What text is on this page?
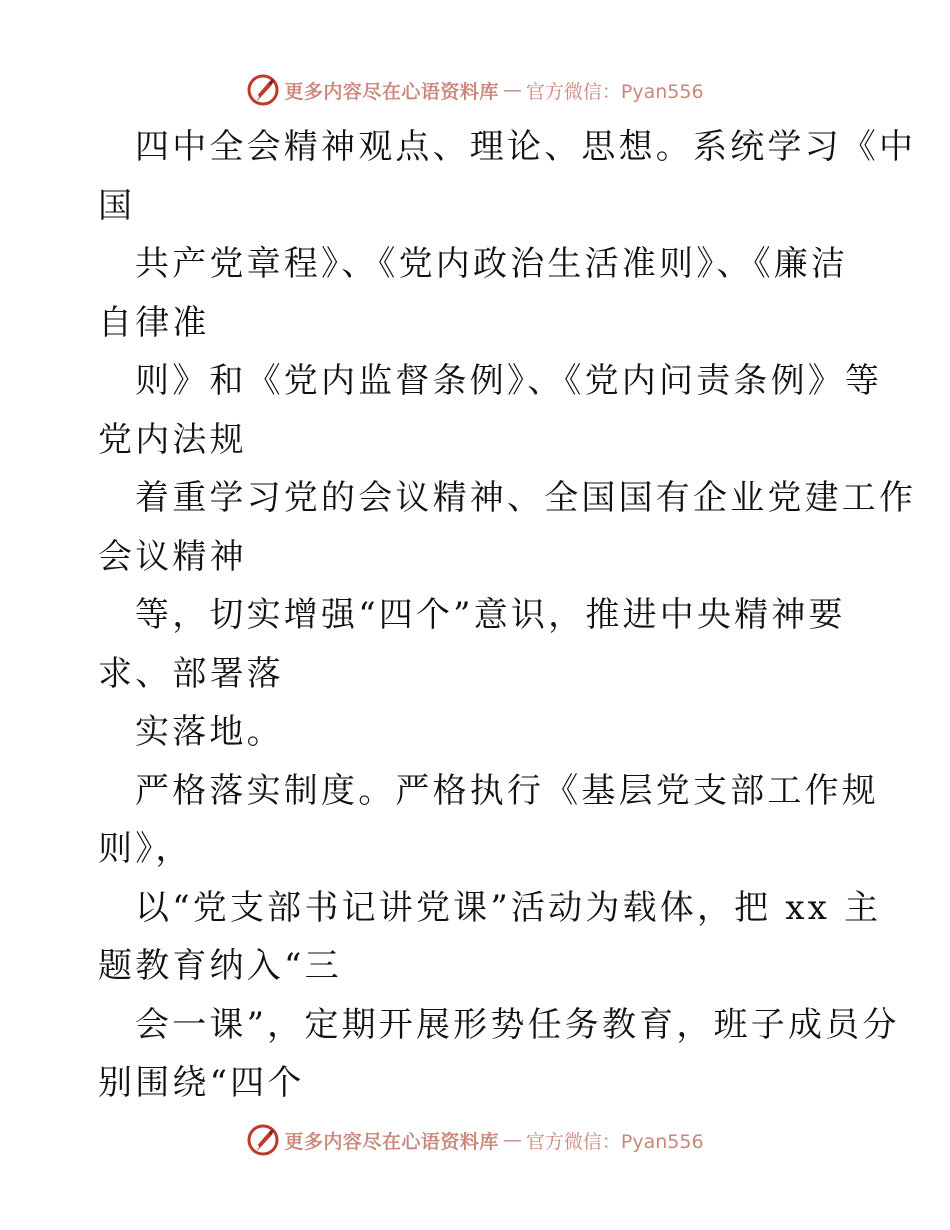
更多内容尽在心语资料库 — 官方微信：Pyan556
四中全会精神观点、理论、思想。系统学习《中
国
共产党章程》、《党内政治生活准则》、《廉洁
自律准
则》和《党内监督条例》、《党内问责条例》等
党内法规
着重学习党的会议精神、全国国有企业党建工作
会议精神
等，切实增强“四个”意识，推进中央精神要
求、部署落
实落地。
严格落实制度。严格执行《基层党支部工作规
则》，
以“党支部书记讲党课”活动为载体，把 xx 主
题教育纳入“三
会一课”，定期开展形势任务教育，班子成员分
别围绕“四个
更多内容尽在心语资料库 — 官方微信：Pyan556
